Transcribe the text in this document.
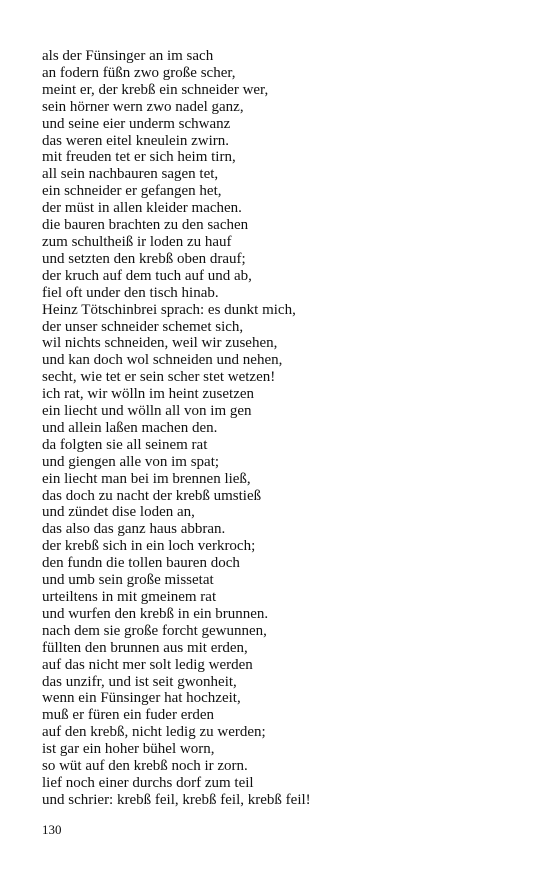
als der Fünsinger an im sach
an fodern füßn zwo große scher,
meint er, der krebß ein schneider wer,
sein hörner wern zwo nadel ganz,
und seine eier underm schwanz
das weren eitel kneulein zwirn.
mit freuden tet er sich heim tirn,
all sein nachbauren sagen tet,
ein schneider er gefangen het,
der müst in allen kleider machen.
die bauren brachten zu den sachen
zum schultheiß ir loden zu hauf
und setzten den krebß oben drauf;
der kruch auf dem tuch auf und ab,
fiel oft under den tisch hinab.
Heinz Tötschinbrei sprach: es dunkt mich,
der unser schneider schemet sich,
wil nichts schneiden, weil wir zusehen,
und kan doch wol schneiden und nehen,
secht, wie tet er sein scher stet wetzen!
ich rat, wir wölln im heint zusetzen
ein liecht und wölln all von im gen
und allein laßen machen den.
da folgten sie all seinem rat
und giengen alle von im spat;
ein liecht man bei im brennen ließ,
das doch zu nacht der krebß umstieß
und zündet dise loden an,
das also das ganz haus abbran.
der krebß sich in ein loch verkroch;
den fundn die tollen bauren doch
und umb sein große missetat
urteiltens in mit gmeinem rat
und wurfen den krebß in ein brunnen.
nach dem sie große forcht gewunnen,
füllten den brunnen aus mit erden,
auf das nicht mer solt ledig werden
das unzifr, und ist seit gwonheit,
wenn ein Fünsinger hat hochzeit,
muß er füren ein fuder erden
auf den krebß, nicht ledig zu werden;
ist gar ein hoher bühel worn,
so wüt auf den krebß noch ir zorn.
lief noch einer durchs dorf zum teil
und schrier: krebß feil, krebß feil, krebß feil!
130
